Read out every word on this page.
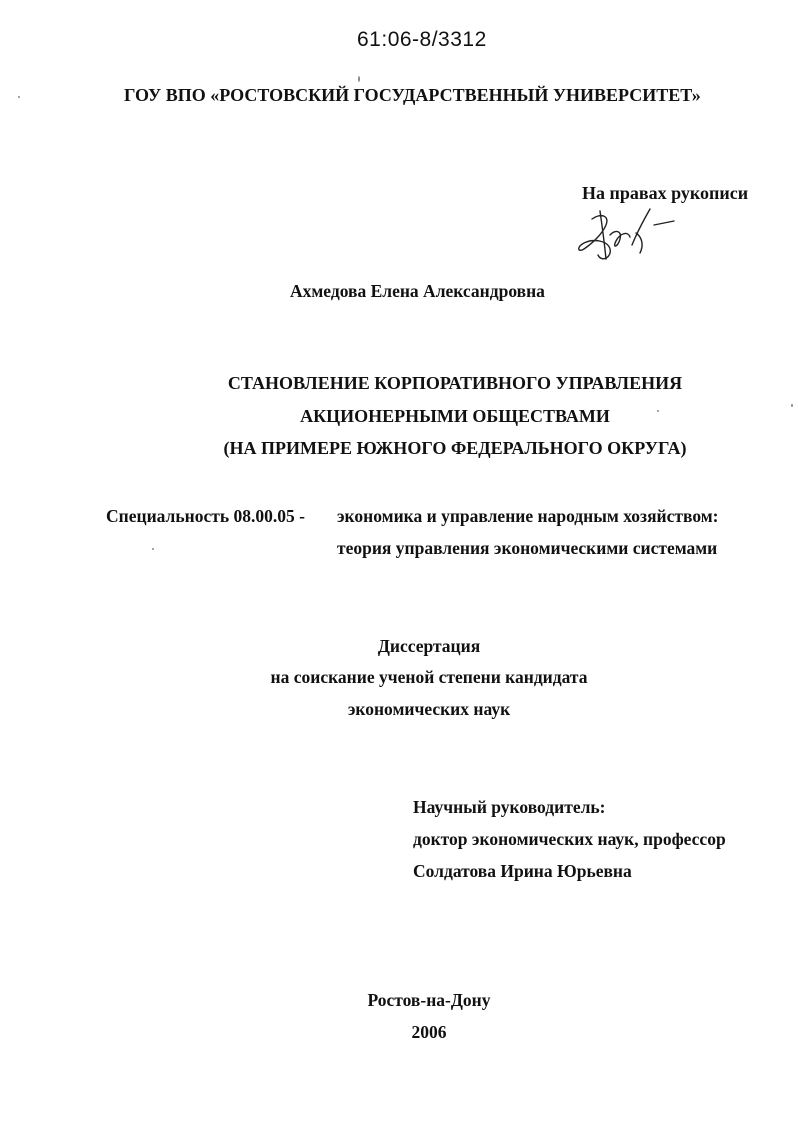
61:06-8/3312
ГОУ ВПО «РОСТОВСКИЙ ГОСУДАРСТВЕННЫЙ УНИВЕРСИТЕТ»
На правах рукописи
Ахмедова Елена Александровна
СТАНОВЛЕНИЕ КОРПОРАТИВНОГО УПРАВЛЕНИЯ
АКЦИОНЕРНЫМИ ОБЩЕСТВАМИ
(НА ПРИМЕРЕ ЮЖНОГО ФЕДЕРАЛЬНОГО ОКРУГА)
Специальность 08.00.05 - экономика и управление народным хозяйством:
теория управления экономическими системами
Диссертация
на соискание ученой степени кандидата
экономических наук
Научный руководитель:
доктор экономических наук, профессор
Солдатова Ирина Юрьевна
Ростов-на-Дону
2006
